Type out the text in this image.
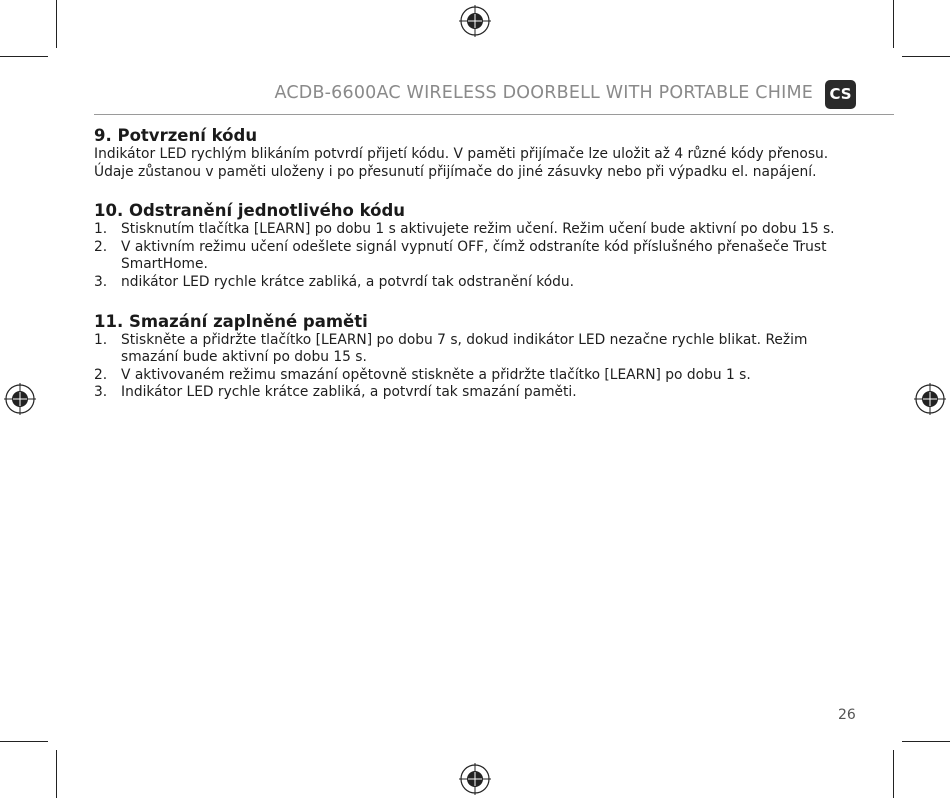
ACDB-6600AC WIRELESS DOORBELL WITH PORTABLE CHIME CS
9. Potvrzení kódu

Indikátor LED rychlým blikáním potvrdí přijetí kódu. V paměti přijímače lze uložit až 4 různé kódy přenosu. Údaje zůstanou v paměti uloženy i po přesunutí přijímače do jiné zásuvky nebo při výpadku el. napájení.

10. Odstranění jednotlivého kódu
1. Stisknutím tlačítka [LEARN] po dobu 1 s aktivujete režim učení. Režim učení bude aktivní po dobu 15 s.
2. V aktivním režimu učení odešlete signál vypnutí OFF, čímž odstraníte kód příslušného přenašeče Trust SmartHome.
3. ndikátor LED rychle krátce zabliká, a potvrdí tak odstranění kódu.
11. Smazání zaplněné paměti
1. Stiskněte a přidržte tlačítko [LEARN] po dobu 7 s, dokud indikátor LED nezačne rychle blikat. Režim smazání bude aktivní po dobu 15 s.
2. V aktivovaném režimu smazání opětovně stiskněte a přidržte tlačítko [LEARN] po dobu 1 s.
3. Indikátor LED rychle krátce zabliká, a potvrdí tak smazání paměti.
26
